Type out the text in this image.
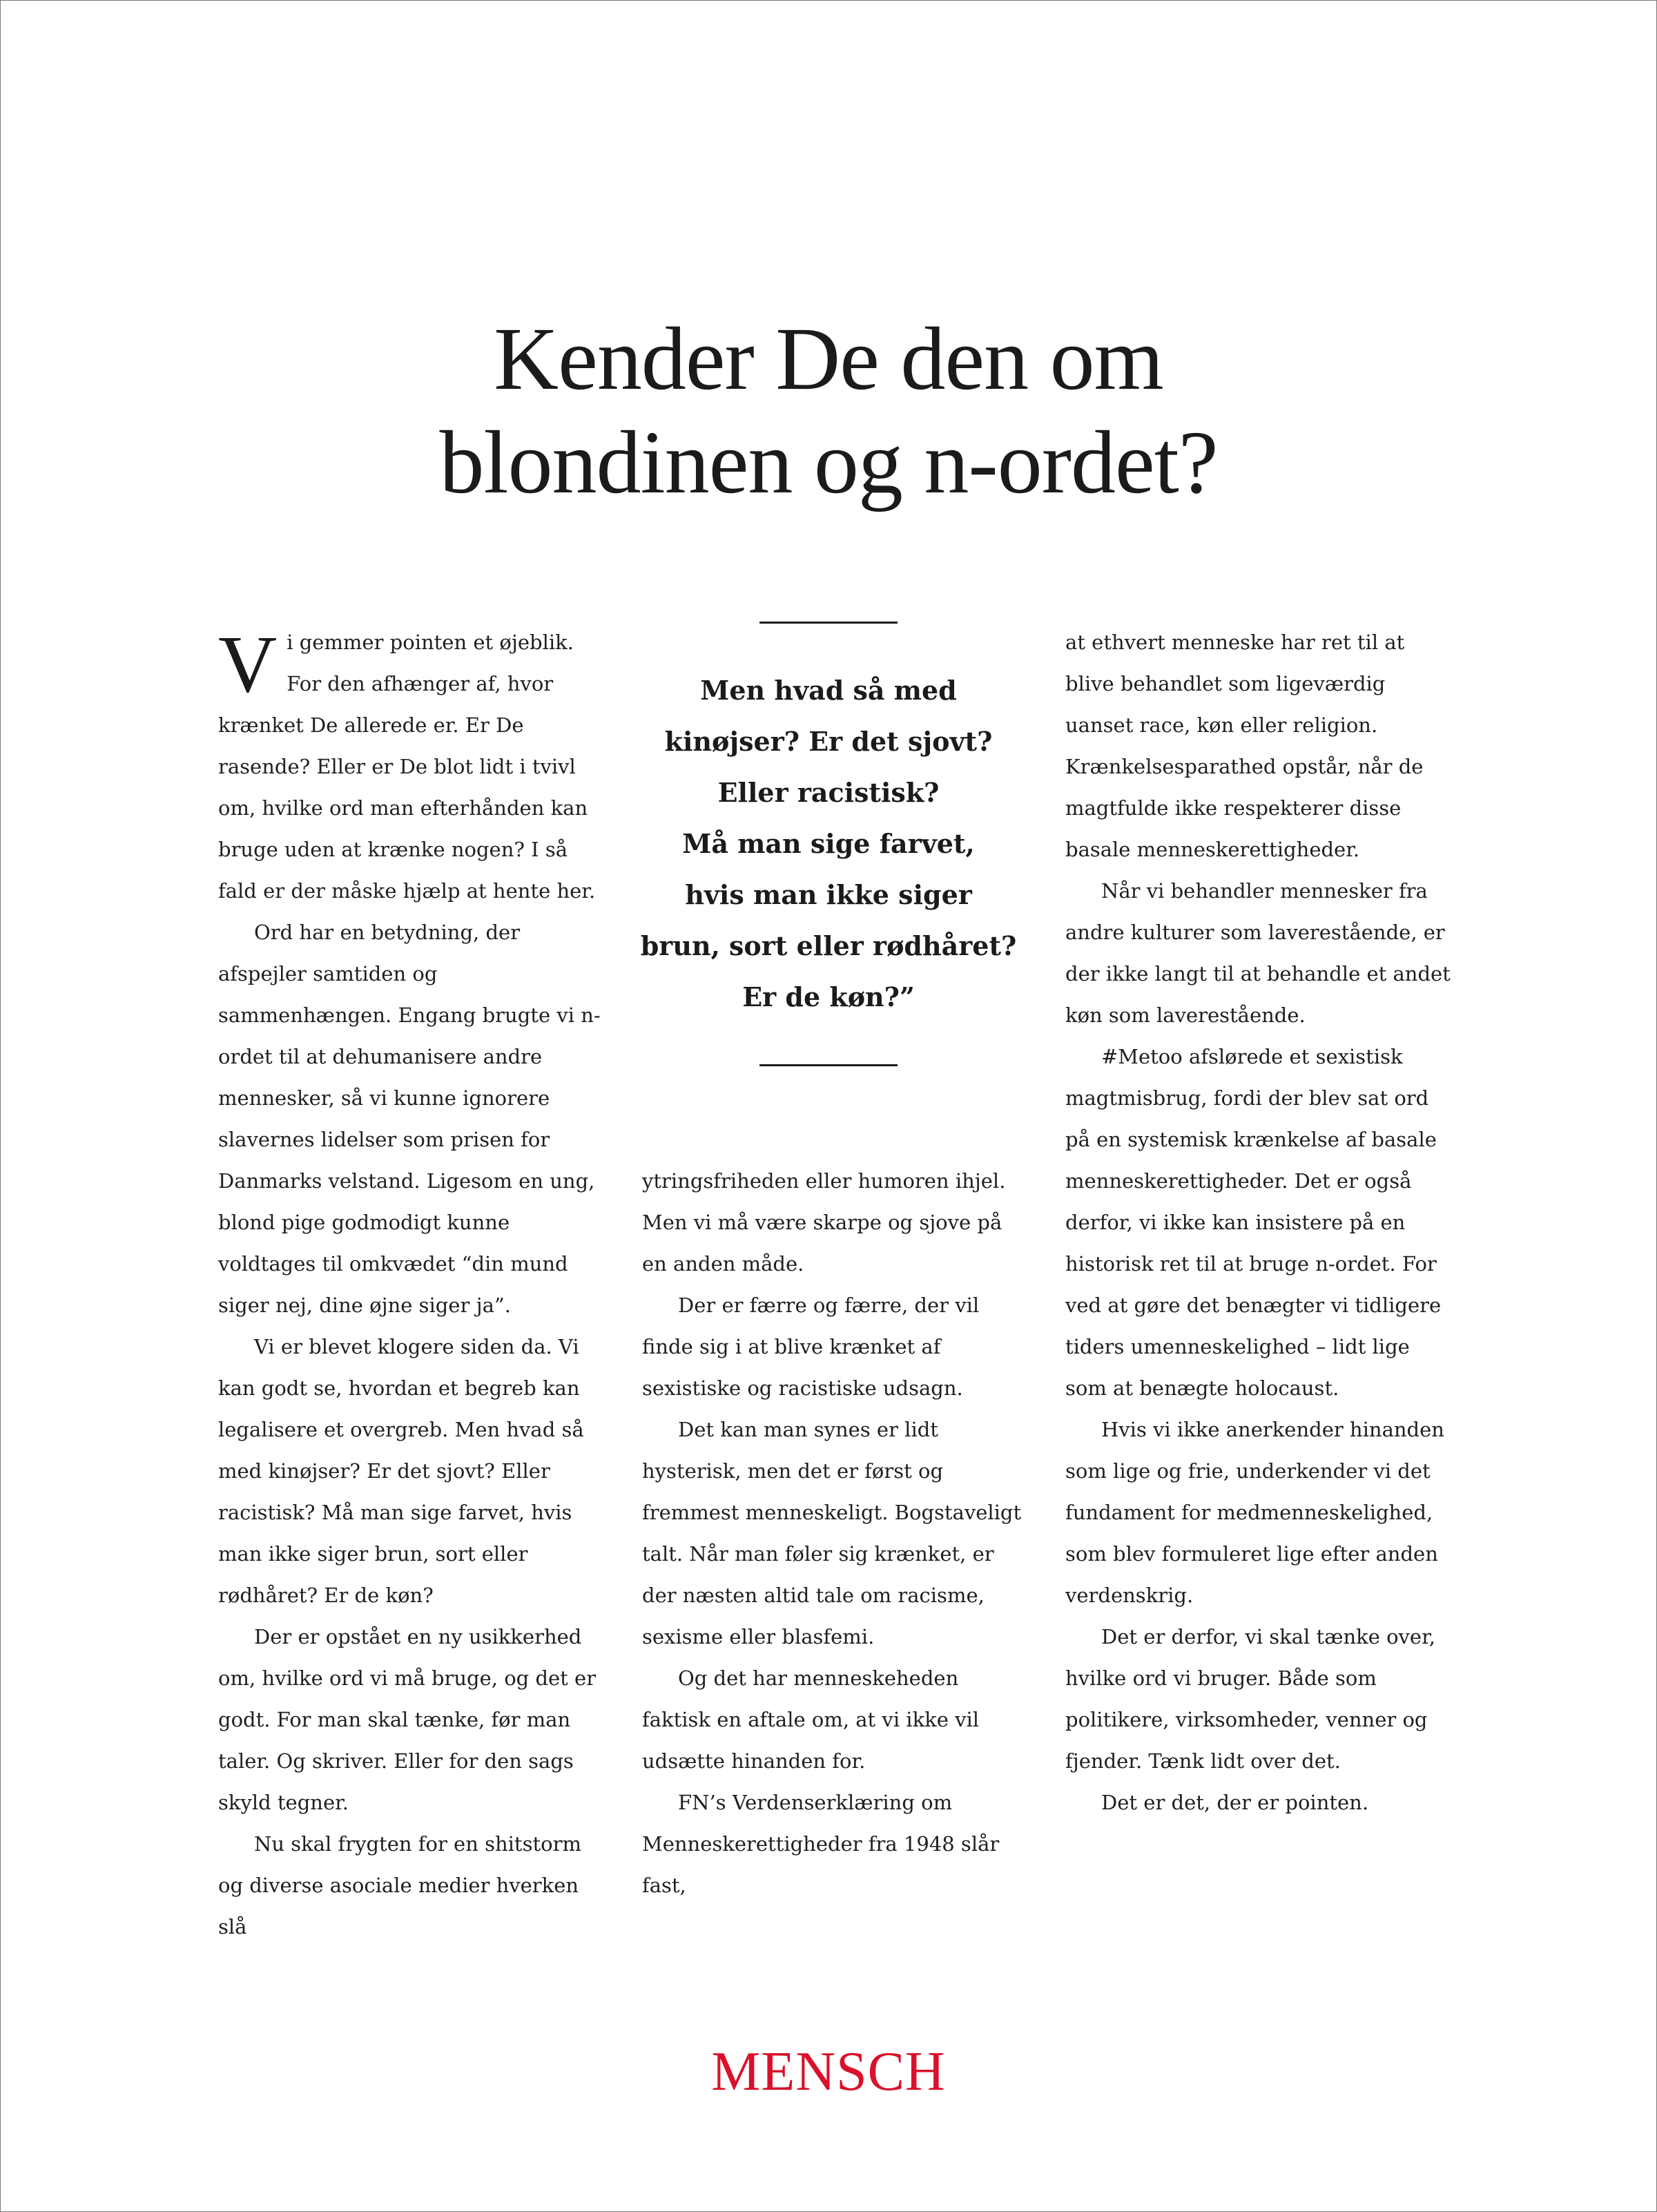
Kender De den om
blondinen og n-ordet?

Vi gemmer pointen et øjeblik. For den afhænger af, hvor krænket De allerede er. Er De rasende? Eller er De blot lidt i tvivl om, hvilke ord man efterhånden kan bruge uden at krænke nogen? I så fald er der måske hjælp at hente her.

Ord har en betydning, der afspejler samtiden og sammenhængen. Engang brugte vi n-ordet til at dehumanisere andre mennesker, så vi kunne ignorere slavernes lidelser som prisen for Danmarks velstand. Ligesom en ung, blond pige godmodigt kunne voldtages til omkvædet “din mund siger nej, dine øjne siger ja”.

Vi er blevet klogere siden da. Vi kan godt se, hvordan et begreb kan legalisere et overgreb. Men hvad så med kinøjser? Er det sjovt? Eller racistisk? Må man sige farvet, hvis man ikke siger brun, sort eller rødhåret? Er de køn?

Der er opstået en ny usikkerhed om, hvilke ord vi må bruge, og det er godt. For man skal tænke, før man taler. Og skriver. Eller for den sags skyld tegner.

Nu skal frygten for en shitstorm og diverse asociale medier hverken slå

Men hvad så med
kinøjser? Er det sjovt?
Eller racistisk?
Må man sige farvet,
hvis man ikke siger
brun, sort eller rødhåret?
Er de køn?”

ytringsfriheden eller humoren ihjel. Men vi må være skarpe og sjove på en anden måde.

Der er færre og færre, der vil finde sig i at blive krænket af sexistiske og racistiske udsagn.

Det kan man synes er lidt hysterisk, men det er først og fremmest menneskeligt. Bogstaveligt talt. Når man føler sig krænket, er der næsten altid tale om racisme, sexisme eller blasfemi.

Og det har menneskeheden faktisk en aftale om, at vi ikke vil udsætte hinanden for.

FN’s Verdenserklæring om Menneskerettigheder fra 1948 slår fast,

at ethvert menneske har ret til at blive behandlet som ligeværdig uanset race, køn eller religion. Krænkelsesparathed opstår, når de magtfulde ikke respekterer disse basale menneskerettigheder.

Når vi behandler mennesker fra andre kulturer som laverestående, er der ikke langt til at behandle et andet køn som laverestående.

#Metoo afslørede et sexistisk magtmisbrug, fordi der blev sat ord på en systemisk krænkelse af basale menneskerettigheder. Det er også derfor, vi ikke kan insistere på en historisk ret til at bruge n-ordet. For ved at gøre det benægter vi tidligere tiders umenneskelighed – lidt lige som at benægte holocaust.

Hvis vi ikke anerkender hinanden som lige og frie, underkender vi det fundament for medmenneskelighed, som blev formuleret lige efter anden verdenskrig.

Det er derfor, vi skal tænke over, hvilke ord vi bruger. Både som politikere, virksomheder, venner og fjender. Tænk lidt over det.

Det er det, der er pointen.

MENSCH
